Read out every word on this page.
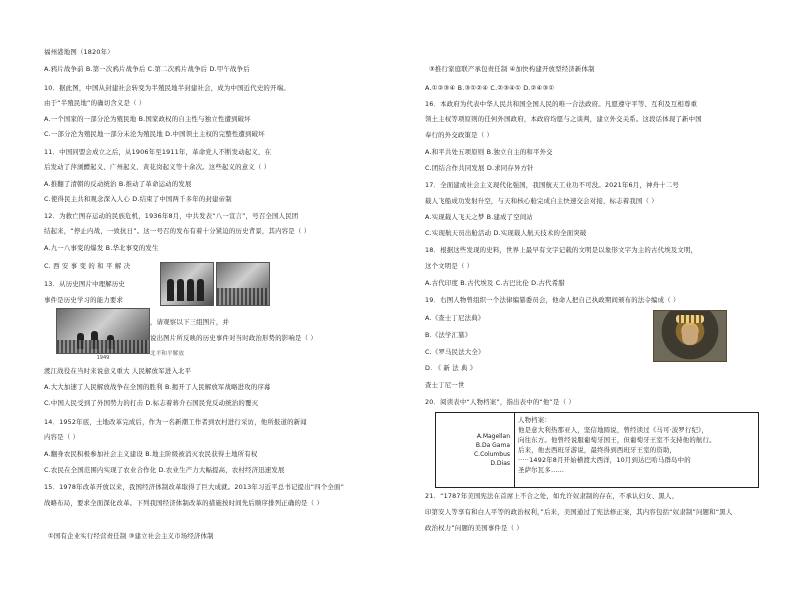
福州港地图（1820年）
A.鸦片战争前 B.第一次鸦片战争后 C.第二次鸦片战争后 D.甲午战争后
10．据此图，中国从封建社会转变为半殖民地半封建社会，成为中国近代史的开端。
由于“半殖民地”的确切含义是（ ）
A.一个国家的一部分沦为殖民地 B.国家政权的自主性与独立性遭到破坏
C.一部分沦为殖民地一部分未沦为殖民地 D.中国领土主权的完整性遭到破坏
11．中国同盟会成立之后，从1906年至1911年，革命党人不断发动起义，在
后发动了萍浏醴起义、广州起义、黄花岗起义等十余次。这些起义的意义（ ）
A.推翻了清朝的反动统治 B.推动了革命运动的发展
C.使得民主共和观念深入人心 D.结束了中国两千多年的封建帝制
12．为救亡图存运动的民族危机，1936年8月，中共发表“八一宣言”，号召全国人民团
结起来，“停止内战，一致抗日”。这一号召的发布有着十分紧迫的历史背景，其内容是（ ）
A.九一八事变的爆发 B.华北事变的发生
C. 西 安 事 变 的 和 平 解 决
13．从历史图片中理解历史
事件是历史学习的能力要求
1949
，请观察以下三组图片，并
说出图片所反映的历史事件对当时政治形势的影响是（ ）
渡江战役在当时来说意义重大 人民解放军进入北平
A.大大加速了人民解放战争在全国的胜利 B.揭开了人民解放军战略进攻的序幕
C.中国人民受到了外国势力的打击 D.标志着蒋介石国民党反动统治的覆灭
14．1952年底，土地改革完成后，作为一名新潮工作者到农村进行采访，他所报道的新闻
内容是（ ）
A.翻身农民积极参加社会主义建设 B.地主阶级被消灭农民获得土地所有权
C.农民在全国范围内实现了农业合作化 D.农业生产力大幅提高，农村经济迅速发展
15．1978年改革开放以来，我国经济体制改革取得了巨大成就。2013年习近平总书记提出“四个全面”
战略布局，要求全面深化改革。下列我国经济体制改革的措施按时间先后顺序排列正确的是（ ）
①国有企业实行经营责任制 ③建立社会主义市场经济体制
北平和平解放
③推行家庭联产承包责任制 ④加快构建开放型经济新体制
A.①②③④ B.③①②④ C.②③④① D.②④③①
16．本政府为代表中华人民共和国全国人民的唯一合法政府。凡愿遵守平等、互利及互相尊重
领土主权等项原则的任何外国政府，本政府均愿与之谈判，建立外交关系。这段话体现了新中国
奉行的外交政策是（ ）
A.和平共处五项原则 B.独立自主的和平外交
C.团结合作共同发展 D.求同存异方针
17．全面建成社会主义现代化强国，我国航天工业功不可没。2021年6月，神舟十二号
载人飞船成功发射升空，与天和核心舱完成自主快速交会对接，标志着我国（ ）
A.实现载人飞天之梦 B.建成了空间站
C.实现航天员出舱活动 D.实现载人航天技术的全面突破
18．根据这些发现的史料，世界上最早有文字记载的文明是以象形文字为主的古代埃及文明，
这个文明是（ ）
A.古代印度 B.古代埃及 C.古巴比伦 D.古代希腊
19．右图人物曾组织一个法律编纂委员会，他命人把自己执政期间颁布的法令编成（ ）
A.《查士丁尼法典》
B.《法学汇纂》
C.《罗马民法大全》
D. 《 新 法 典 》
查士丁尼一世
20．阅读表中“人物档案”，指出表中的“他”是（ ）
A.Magellan
B.Da Gama
C.Columbus
D.Dias
人物档案：
他是意大利热那亚人，坚信地圆说，曾经读过《马可·波罗行纪》，
向往东方。他曾经说服葡萄牙国王，但葡萄牙王室不支持他的航行。
后来，他去西班牙游说，最终得到西班牙王室的资助，
·····1492年8月开始横渡大西洋，10月到达巴哈马群岛中的
圣萨尔瓦多……
21．“1787年美国宪法在首席上不合之处，如允许奴隶制的存在，不承认妇女、黑人、
印第安人等享有和白人平等的政治权利，”后来，美国通过了宪法修正案，其内容包括“奴隶制”问题和“黑人
政治权力”问题的美国事件是（ ）
